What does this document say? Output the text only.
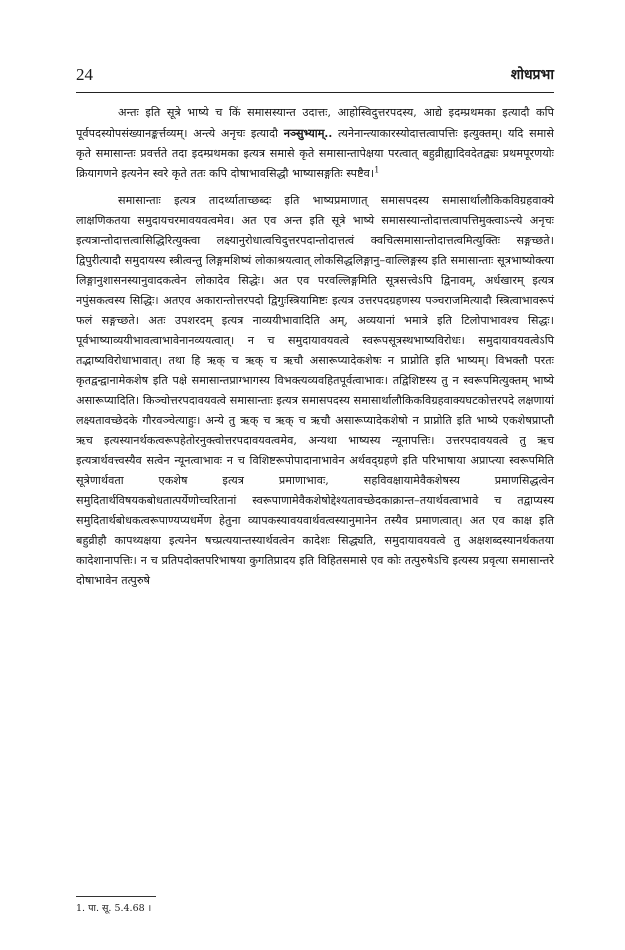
24	शोधप्रभा

अन्तः इति सूत्रे भाष्ये च किं समासस्यान्त उदात्तः, आहोस्विदुत्तरपदस्य, आद्ये इदम्प्रथमका इत्यादौ कपि पूर्वपदस्योपसंख्यानङ्कर्त्तव्यम्। अन्त्ये अनृचः इत्यादौ नञ्सुभ्याम्.. त्यनेनान्त्याकारस्योदात्तत्वापत्तिः इत्युक्तम्। यदि समासे कृते समासान्तः प्रवर्त्तते तदा इदम्प्रथमका इत्यत्र समासे कृते समासान्तापेक्षया परत्वात् बहुव्रीह्यादिवदेतद्व्यः प्रथमपूरणयोः क्रियागणने इत्यनेन स्वरे कृते ततः कपि दोषाभावसिद्धौ भाष्यासङ्गतिः स्पष्टैव।$^1$

समासान्ताः इत्यत्र तादर्थ्याताच्छब्दः इति भाष्यप्रमाणात् समासपदस्य समासार्थालौकिकविग्रहवाक्ये लाक्षणिकतया समुदायचरमावयवत्वमेव। अत एव अन्त इति सूत्रे भाष्ये समासस्यान्तोदात्तत्वापत्तिमुक्त्वाऽन्त्ये अनृचः इत्यत्रान्तोदात्तत्वासिद्धिरित्युक्त्वा लक्ष्यानुरोधात्वचिदुत्तरपदान्तोदात्तत्वं क्वचित्समासान्तोदात्तत्वमित्युक्तिः सङ्गच्छते। द्विपुरीत्यादौ समुदायस्य स्त्रीत्वन्तु लिङ्गमशिष्यं लोकाश्रयत्वात् लोकसिद्धलिङ्गानु–वाल्लिङ्गस्य इति समासान्ताः सूत्रभाष्योक्त्या लिङ्गानुशासनस्यानुवादकत्वेन लोकादेव सिद्धेः। अत एव परवल्लिङ्गमिति सूत्रसत्त्वेऽपि द्विनावम्, अर्धखारम् इत्यत्र नपुंसकत्वस्य सिद्धिः। अतएव अकारान्तोत्तरपदो द्विगुःस्त्रियामिष्टः इत्यत्र उत्तरपदग्रहणस्य पञ्चराजमित्यादौ स्त्रित्वाभावरूपं फलं सङ्गच्छते। अतः उपशरदम् इत्यत्र नाव्ययीभावादिति अम्, अव्ययानां भमात्रे इति टिलोपाभावश्च सिद्धः। पूर्वभाष्याव्ययीभावत्वाभावेनानव्ययत्वात्। न च समुदायावयवत्वे स्वरूपसूत्रस्थभाष्यविरोधः। समुदायावयवत्वेऽपि तद्भाष्यविरोधाभावात्। तथा हि ऋक् च ऋक् च ऋचौ असारूप्यादेकशेषः न प्राप्नोति इति भाष्यम्। विभक्तौ परतः कृतद्वन्द्वानामेकशेष इति पक्षे समासान्तप्राग्भागस्य विभक्त्यव्यवहितपूर्वत्वाभावः। तद्विशिष्टस्य तु न स्वरूपमित्युक्तम् भाष्ये असारूप्यादिति। किञ्चोत्तरपदावयवत्वे समासान्ताः इत्यत्र समासपदस्य समासार्थालौकिकविग्रहवाक्यघटकोत्तरपदे लक्षणायां लक्ष्यतावच्छेदके गौरवञ्चेत्याहुः। अन्ये तु ऋक् च ऋक् च ऋचौ असारूप्यादेकशेषो न प्राप्नोति इति भाष्ये एकशेषप्राप्तौ ऋच इत्यस्यानर्थकत्वरूपहेतोरनुक्त्वोत्तरपदावयवत्वमेव, अन्यथा भाष्यस्य न्यूनापत्तिः। उत्तरपदावयवत्वे तु ऋच इत्यत्रार्थवत्त्वस्यैव सत्वेन न्यूनत्वाभावः न च विशिष्टरूपोपादानाभावेन अर्थवद्ग्रहणे इति परिभाषाया अप्राप्त्या स्वरूपमिति सूत्रेणार्थवता एकशेष इत्यत्र प्रमाणाभावः, सहविवक्षायामेवैकशेषस्य प्रमाणसिद्धत्वेन समुदितार्थविषयकबोधतात्पर्येणोच्चरितानां स्वरूपाणामेवैकशेषोद्देश्यतावच्छेदकाक्रान्त–तयार्थवत्वाभावे च तद्वाप्यस्य समुदितार्थबोधकत्वरूपाण्यप्यधर्मेण हेतुना व्यापकस्यावयवार्थवत्वस्यानुमानेन तस्यैव प्रमाणत्वात्। अत एव काक्ष इति बहुव्रीहौ कापथ्यक्षया इत्यनेन षच्प्रत्ययान्तस्यार्थवत्वेन कादेशः सिद्ध्यति, समुदायावयवत्वे तु अक्षशब्दस्यानर्थकतया कादेशानापत्तिः। न च प्रतिपदोक्तपरिभाषया कुगतिप्रादय इति विहितसमासे एव कोः तत्पुरुषेऽचि इत्यस्य प्रवृत्या समासान्तरे दोषाभावेन तत्पुरुषे

1. पा. सू. 5.4.68 ।
